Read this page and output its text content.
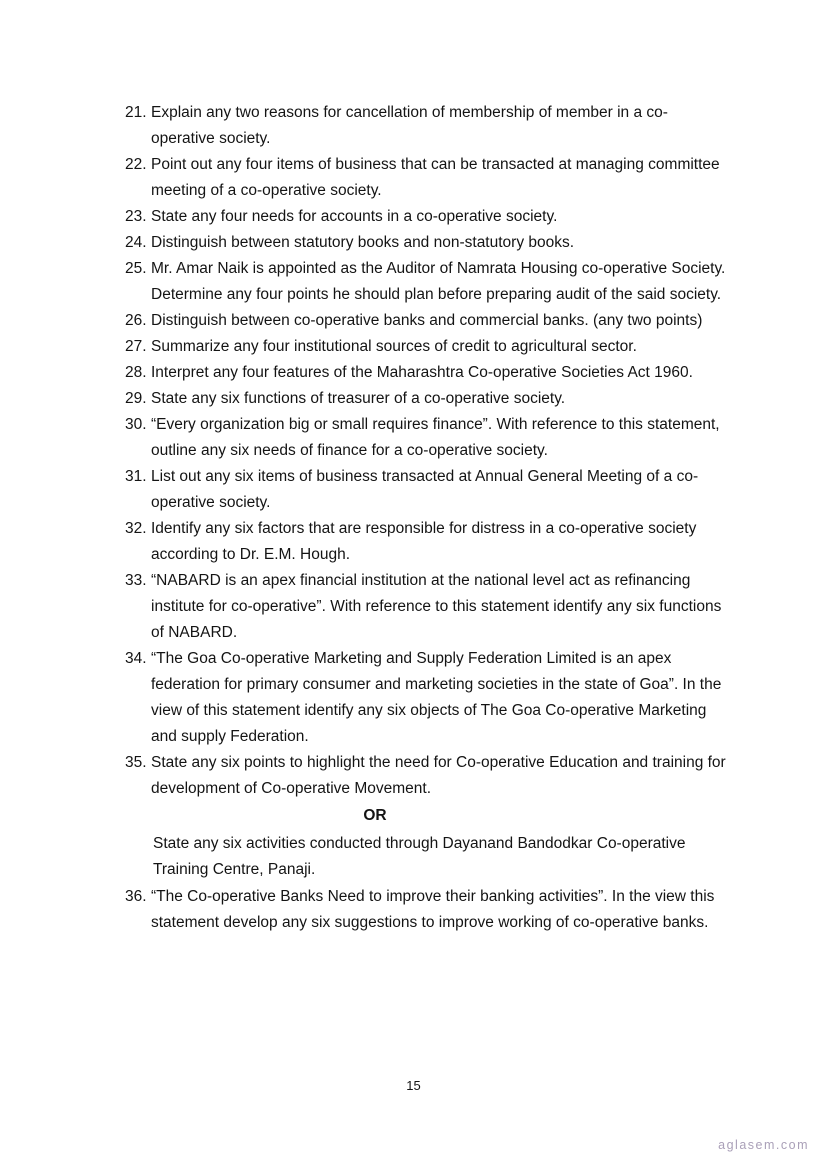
21. Explain any two reasons for cancellation of membership of member in a co-operative society.
22. Point out any four items of business that can be transacted at managing committee meeting of a co-operative society.
23. State any four needs for accounts in a co-operative society.
24. Distinguish between statutory books and non-statutory books.
25. Mr. Amar Naik is appointed as the Auditor of Namrata Housing co-operative Society. Determine any four points he should plan before preparing audit of the said society.
26. Distinguish between co-operative banks and commercial banks. (any two points)
27. Summarize any four institutional sources of credit to agricultural sector.
28. Interpret any four features of the Maharashtra Co-operative Societies Act 1960.
29. State any six functions of treasurer of a co-operative society.
30. “Every organization big or small requires finance”. With reference to this statement, outline any six needs of finance for a co-operative society.
31. List out any six items of business transacted at Annual General Meeting of a co-operative society.
32. Identify any six factors that are responsible for distress in a co-operative society according to Dr. E.M. Hough.
33. “NABARD is an apex financial institution at the national level act as refinancing institute for co-operative”. With reference to this statement identify any six functions of NABARD.
34. “The Goa Co-operative Marketing and Supply Federation Limited is an apex federation for primary consumer and marketing societies in the state of Goa”. In the view of this statement identify any six objects of The Goa Co-operative Marketing and supply Federation.
35. State any six points to highlight the need for Co-operative Education and training for development of Co-operative Movement.
OR
State any six activities conducted through Dayanand Bandodkar Co-operative Training Centre, Panaji.
36. “The Co-operative Banks Need to improve their banking activities”. In the view this statement develop any six suggestions to improve working of co-operative banks.
15
aglasem.com
